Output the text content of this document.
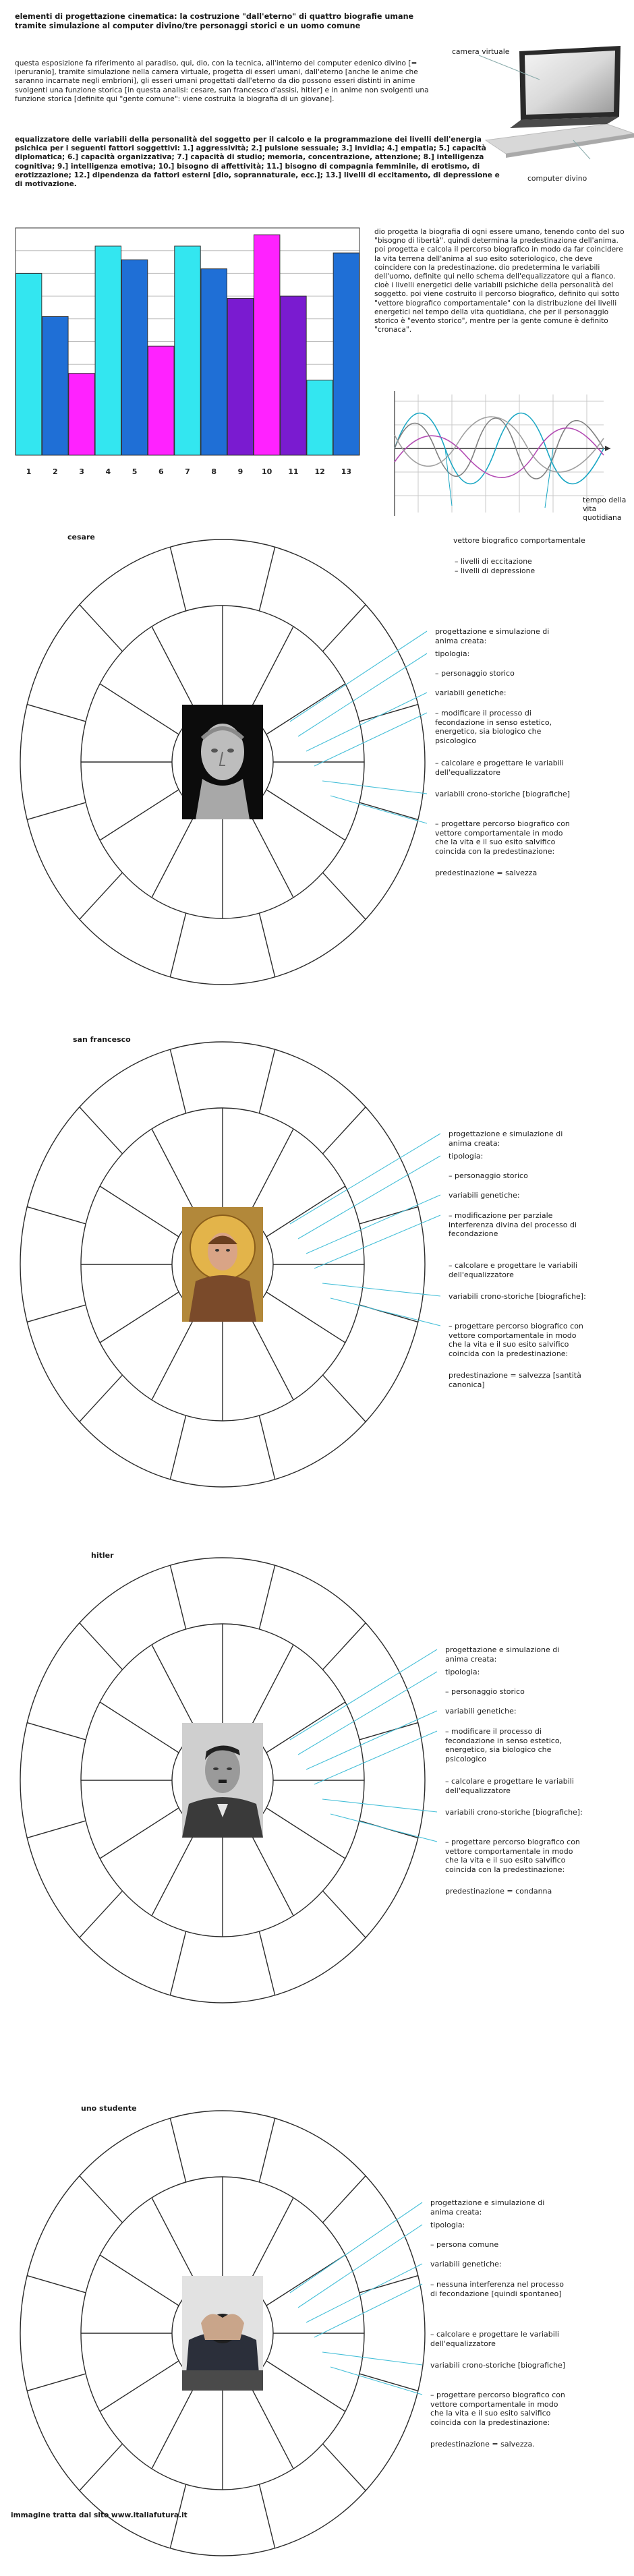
elementi di progettazione cinematica: la costruzione "dall'eterno" di quattro biografie umane tramite simulazione al computer divino/tre personaggi storici e un uomo comune
questa esposizione fa riferimento al paradiso, qui, dio, con la tecnica, all'interno del computer edenico divino [= iperuranio], tramite simulazione nella camera virtuale, progetta di esseri umani, dall'eterno [anche le anime che saranno incarnate negli embrioni], gli esseri umani progettati dall'eterno da dio possono esseri distinti in anime svolgenti una funzione storica [in questa analisi: cesare, san francesco d'assisi, hitler] e in anime non svolgenti una funzione storica [definite qui "gente comune": viene costruita la biografia di un giovane].
camera virtuale
computer divino
equalizzatore delle variabili della personalità del soggetto per il calcolo e la programmazione dei livelli dell'energia psichica per i seguenti fattori soggettivi: 1.] aggressività; 2.] pulsione sessuale; 3.] invidia; 4.] empatia; 5.] capacità diplomatica; 6.] capacità organizzativa; 7.] capacità di studio; memoria, concentrazione, attenzione; 8.] intelligenza cognitiva; 9.] intelligenza emotiva; 10.] bisogno di affettività; 11.] bisogno di compagnia femminile, di erotismo, di erotizzazione; 12.] dipendenza da fattori esterni [dio, soprannaturale, ecc.]; 13.] livelli di eccitamento, di depressione e di motivazione.
1	2	3	4	5	6	7	8	9	10 11 12 13
dio progetta la biografia di ogni essere umano, tenendo conto del suo "bisogno di libertà". quindi determina la predestinazione dell'anima. poi progetta e calcola il percorso biografico in modo da far coincidere la vita terrena dell'anima al suo esito soteriologico, che deve coincidere con la predestinazione. dio predetermina le variabili dell'uomo, definite qui nello schema dell'equalizzatore qui a fianco. cioè i livelli energetici delle variabili psichiche della personalità del soggetto. poi viene costruito il percorso biografico, definito qui sotto "vettore biografico comportamentale" con la distribuzione dei livelli energetici nel tempo della vita quotidiana, che per il personaggio storico è "evento storico", mentre per la gente comune è definito "cronaca".
tempo della vita quotidiana
vettore biografico comportamentale
– livelli di eccitazione
– livelli di depressione
cesare
progettazione e simulazione di anima creata:
tipologia:
– personaggio storico
variabili genetiche:
– modificare il processo di fecondazione in senso estetico, energetico, sia biologico che psicologico
– calcolare e progettare le variabili dell'equalizzatore
variabili crono-storiche [biografiche]
– progettare percorso biografico con vettore comportamentale in modo che la vita e il suo esito salvifico coincida con la predestinazione:
predestinazione = salvezza
san francesco
progettazione e simulazione di anima creata:
tipologia:
– personaggio storico
variabili genetiche:
– modificazione per parziale interferenza divina del processo di fecondazione
– calcolare e progettare le variabili dell'equalizzatore
variabili crono-storiche [biografiche]:
– progettare percorso biografico con vettore comportamentale in modo che la vita e il suo esito salvifico coincida con la predestinazione:
predestinazione = salvezza [santità canonica]
hitler
progettazione e simulazione di anima creata:
tipologia:
– personaggio storico
variabili genetiche:
– modificare il processo di fecondazione in senso estetico, energetico, sia biologico che psicologico
– calcolare e progettare le variabili dell'equalizzatore
variabili crono-storiche [biografiche]:
– progettare percorso biografico con vettore comportamentale in modo che la vita e il suo esito salvifico coincida con la predestinazione:
predestinazione = condanna
uno studente
progettazione e simulazione di anima creata:
tipologia:
– persona comune
variabili genetiche:
– nessuna interferenza nel processo di fecondazione [quindi spontaneo]
– calcolare e progettare le variabili dell'equalizzatore
variabili crono-storiche [biografiche]
– progettare percorso biografico con vettore comportamentale in modo che la vita e il suo esito salvifico coincida con la predestinazione:
predestinazione = salvezza.
immagine tratta dal sito www.italiafutura.it
